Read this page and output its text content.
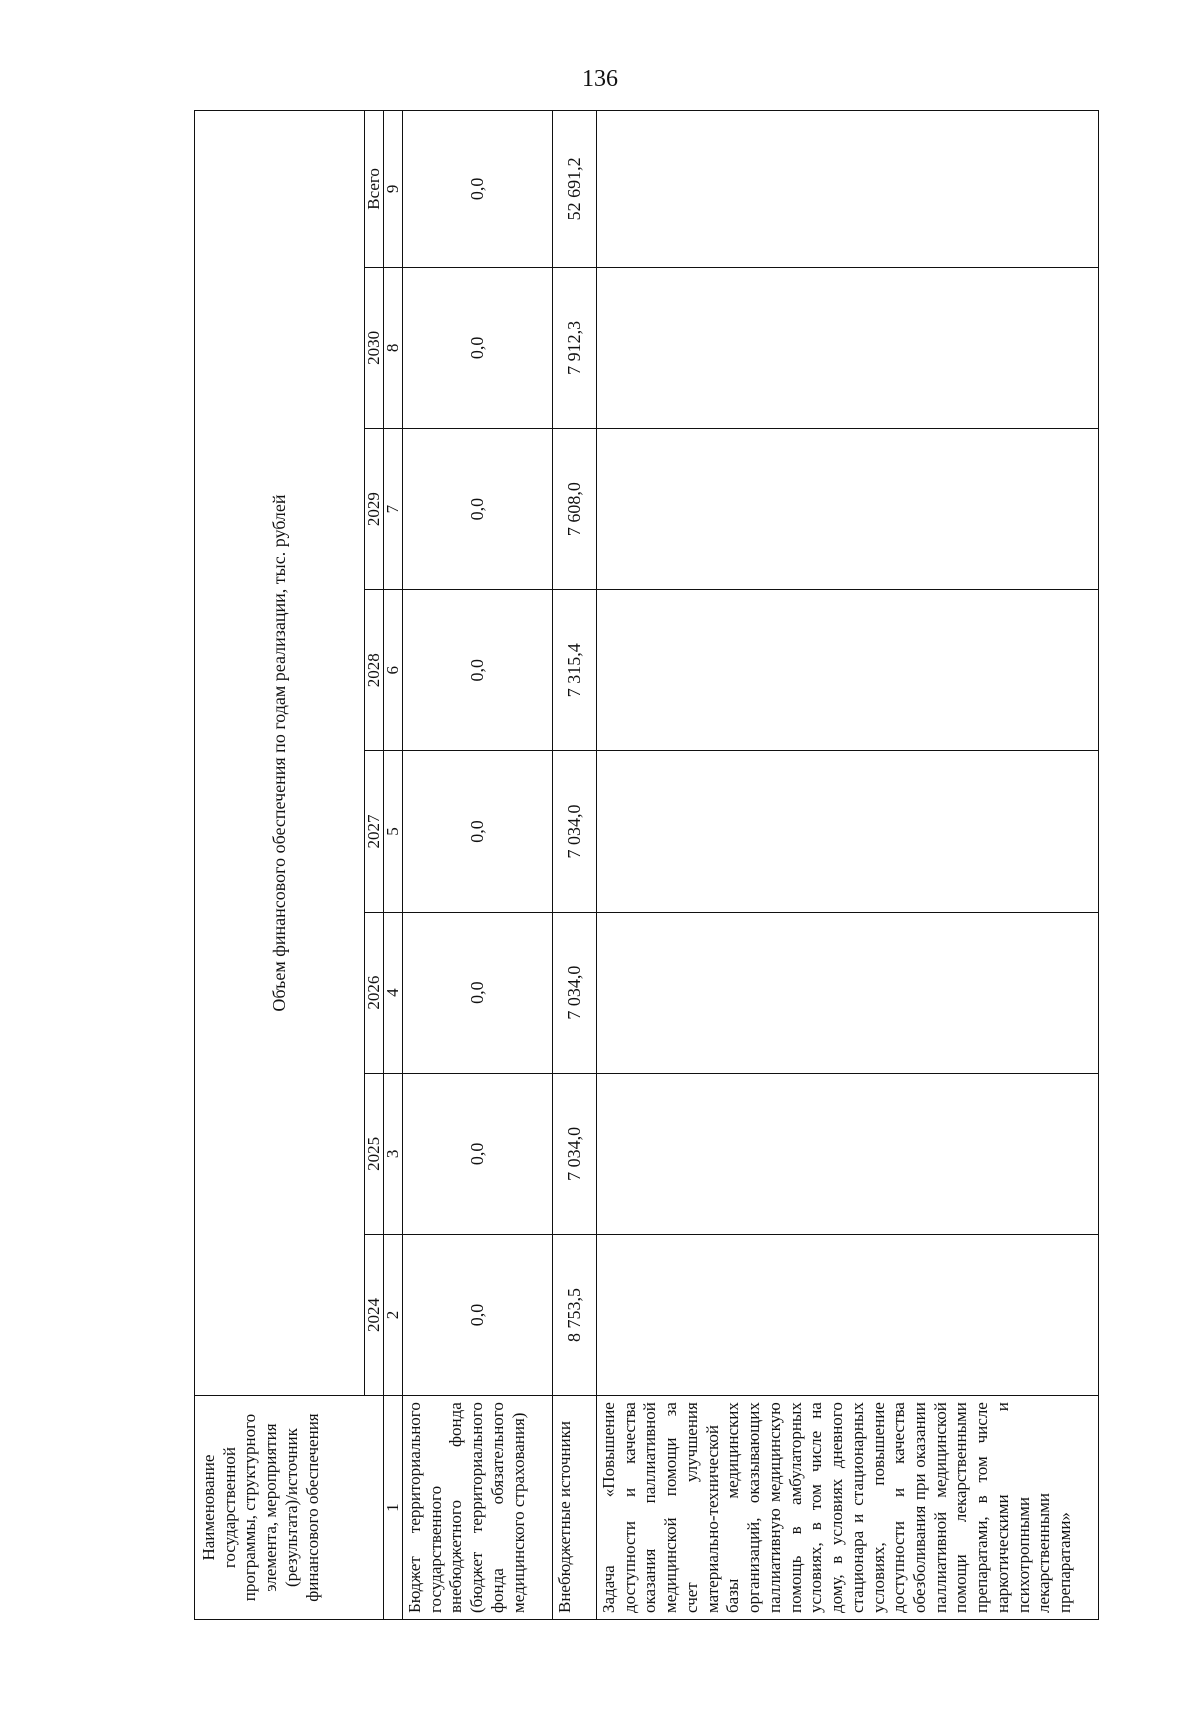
136
Наименование государственной программы, структурного элемента, мероприятия (результата)/источник финансового обеспечения	Объем финансового обеспечения по годам реализации, тыс. рублей							
	2024	2025	2026	2027	2028	2029	2030	Всего
1	2	3	4	5	6	7	8	9
Бюджет территориального государственного внебюджетного фонда (бюджет территориального фонда обязательного медицинского страхования)	0,0	0,0	0,0	0,0	0,0	0,0	0,0	0,0
Внебюджетные источники	8 753,5	7 034,0	7 034,0	7 034,0	7 315,4	7 608,0	7 912,3	52 691,2
Задача «Повышение доступности и качества оказания паллиативной медицинской помощи за счет улучшения материально-технической базы медицинских организаций, оказывающих паллиативную медицинскую помощь в амбулаторных условиях, в том числе на дому, в условиях дневного стационара и стационарных условиях, повышение доступности и качества обезболивания при оказании паллиативной медицинской помощи лекарственными препаратами, в том числе наркотическими и психотропными лекарственными препаратами»								
